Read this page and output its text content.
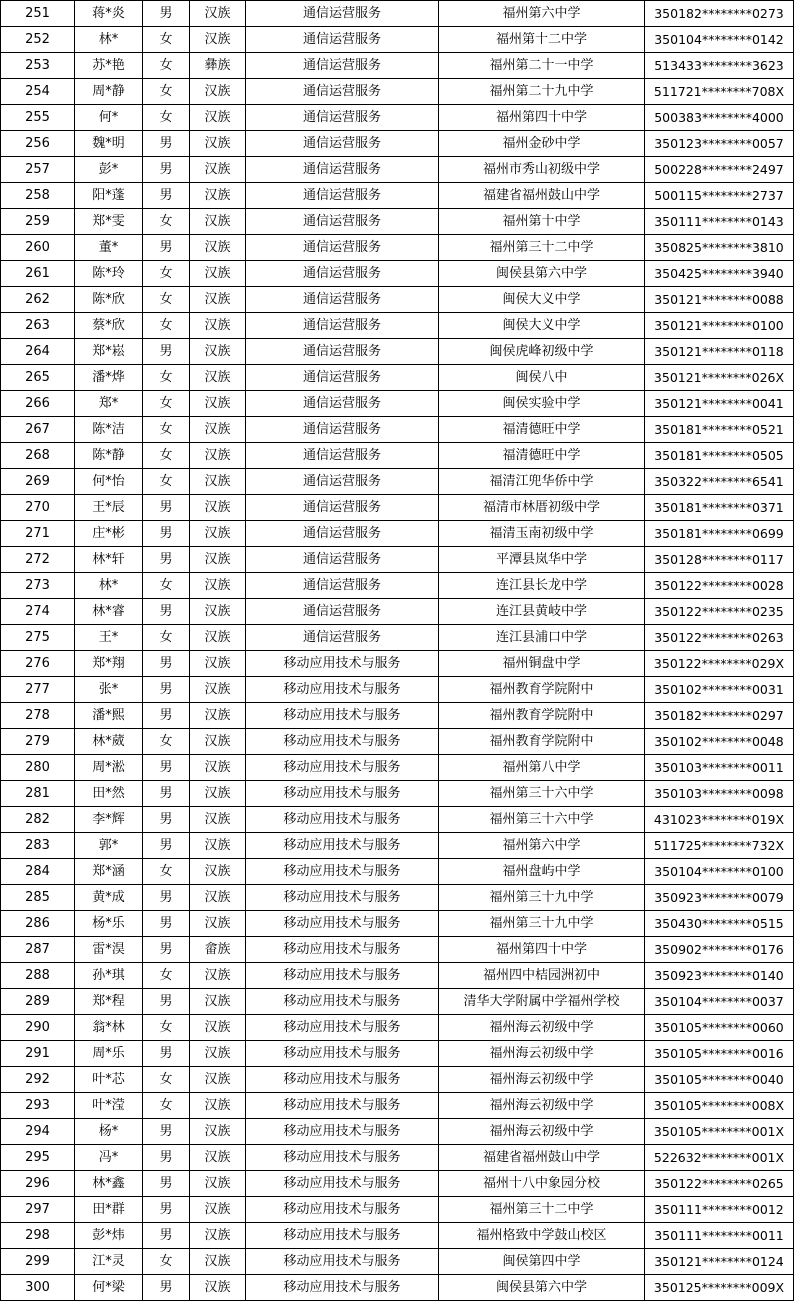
251	蒋*炎	男	汉族	通信运营服务	福州第六中学	350182********0273
252	林*	女	汉族	通信运营服务	福州第十二中学	350104********0142
253	苏*艳	女	彝族	通信运营服务	福州第二十一中学	513433********3623
254	周*静	女	汉族	通信运营服务	福州第二十九中学	511721********708X
255	何*	女	汉族	通信运营服务	福州第四十中学	500383********4000
256	魏*明	男	汉族	通信运营服务	福州金砂中学	350123********0057
257	彭*	男	汉族	通信运营服务	福州市秀山初级中学	500228********2497
258	阳*蓬	男	汉族	通信运营服务	福建省福州鼓山中学	500115********2737
259	郑*雯	女	汉族	通信运营服务	福州第十中学	350111********0143
260	董*	男	汉族	通信运营服务	福州第三十二中学	350825********3810
261	陈*玲	女	汉族	通信运营服务	闽侯县第六中学	350425********3940
262	陈*欣	女	汉族	通信运营服务	闽侯大义中学	350121********0088
263	蔡*欣	女	汉族	通信运营服务	闽侯大义中学	350121********0100
264	郑*崧	男	汉族	通信运营服务	闽侯虎峰初级中学	350121********0118
265	潘*烨	女	汉族	通信运营服务	闽侯八中	350121********026X
266	郑*	女	汉族	通信运营服务	闽侯实验中学	350121********0041
267	陈*洁	女	汉族	通信运营服务	福清德旺中学	350181********0521
268	陈*静	女	汉族	通信运营服务	福清德旺中学	350181********0505
269	何*怡	女	汉族	通信运营服务	福清江兜华侨中学	350322********6541
270	王*辰	男	汉族	通信运营服务	福清市林厝初级中学	350181********0371
271	庄*彬	男	汉族	通信运营服务	福清玉南初级中学	350181********0699
272	林*轩	男	汉族	通信运营服务	平潭县岚华中学	350128********0117
273	林*	女	汉族	通信运营服务	连江县长龙中学	350122********0028
274	林*睿	男	汉族	通信运营服务	连江县黄岐中学	350122********0235
275	王*	女	汉族	通信运营服务	连江县浦口中学	350122********0263
276	郑*翔	男	汉族	移动应用技术与服务	福州铜盘中学	350122********029X
277	张*	男	汉族	移动应用技术与服务	福州教育学院附中	350102********0031
278	潘*熙	男	汉族	移动应用技术与服务	福州教育学院附中	350182********0297
279	林*葳	女	汉族	移动应用技术与服务	福州教育学院附中	350102********0048
280	周*淞	男	汉族	移动应用技术与服务	福州第八中学	350103********0011
281	田*然	男	汉族	移动应用技术与服务	福州第三十六中学	350103********0098
282	李*辉	男	汉族	移动应用技术与服务	福州第三十六中学	431023********019X
283	郭*	男	汉族	移动应用技术与服务	福州第六中学	511725********732X
284	郑*涵	女	汉族	移动应用技术与服务	福州盘屿中学	350104********0100
285	黄*成	男	汉族	移动应用技术与服务	福州第三十九中学	350923********0079
286	杨*乐	男	汉族	移动应用技术与服务	福州第三十九中学	350430********0515
287	雷*淏	男	畲族	移动应用技术与服务	福州第四十中学	350902********0176
288	孙*琪	女	汉族	移动应用技术与服务	福州四中桔园洲初中	350923********0140
289	郑*程	男	汉族	移动应用技术与服务	清华大学附属中学福州学校	350104********0037
290	翁*林	女	汉族	移动应用技术与服务	福州海云初级中学	350105********0060
291	周*乐	男	汉族	移动应用技术与服务	福州海云初级中学	350105********0016
292	叶*芯	女	汉族	移动应用技术与服务	福州海云初级中学	350105********0040
293	叶*滢	女	汉族	移动应用技术与服务	福州海云初级中学	350105********008X
294	杨*	男	汉族	移动应用技术与服务	福州海云初级中学	350105********001X
295	冯*	男	汉族	移动应用技术与服务	福建省福州鼓山中学	522632********001X
296	林*鑫	男	汉族	移动应用技术与服务	福州十八中象园分校	350122********0265
297	田*群	男	汉族	移动应用技术与服务	福州第三十二中学	350111********0012
298	彭*炜	男	汉族	移动应用技术与服务	福州格致中学鼓山校区	350111********0011
299	江*灵	女	汉族	移动应用技术与服务	闽侯第四中学	350121********0124
300	何*梁	男	汉族	移动应用技术与服务	闽侯县第六中学	350125********009X
